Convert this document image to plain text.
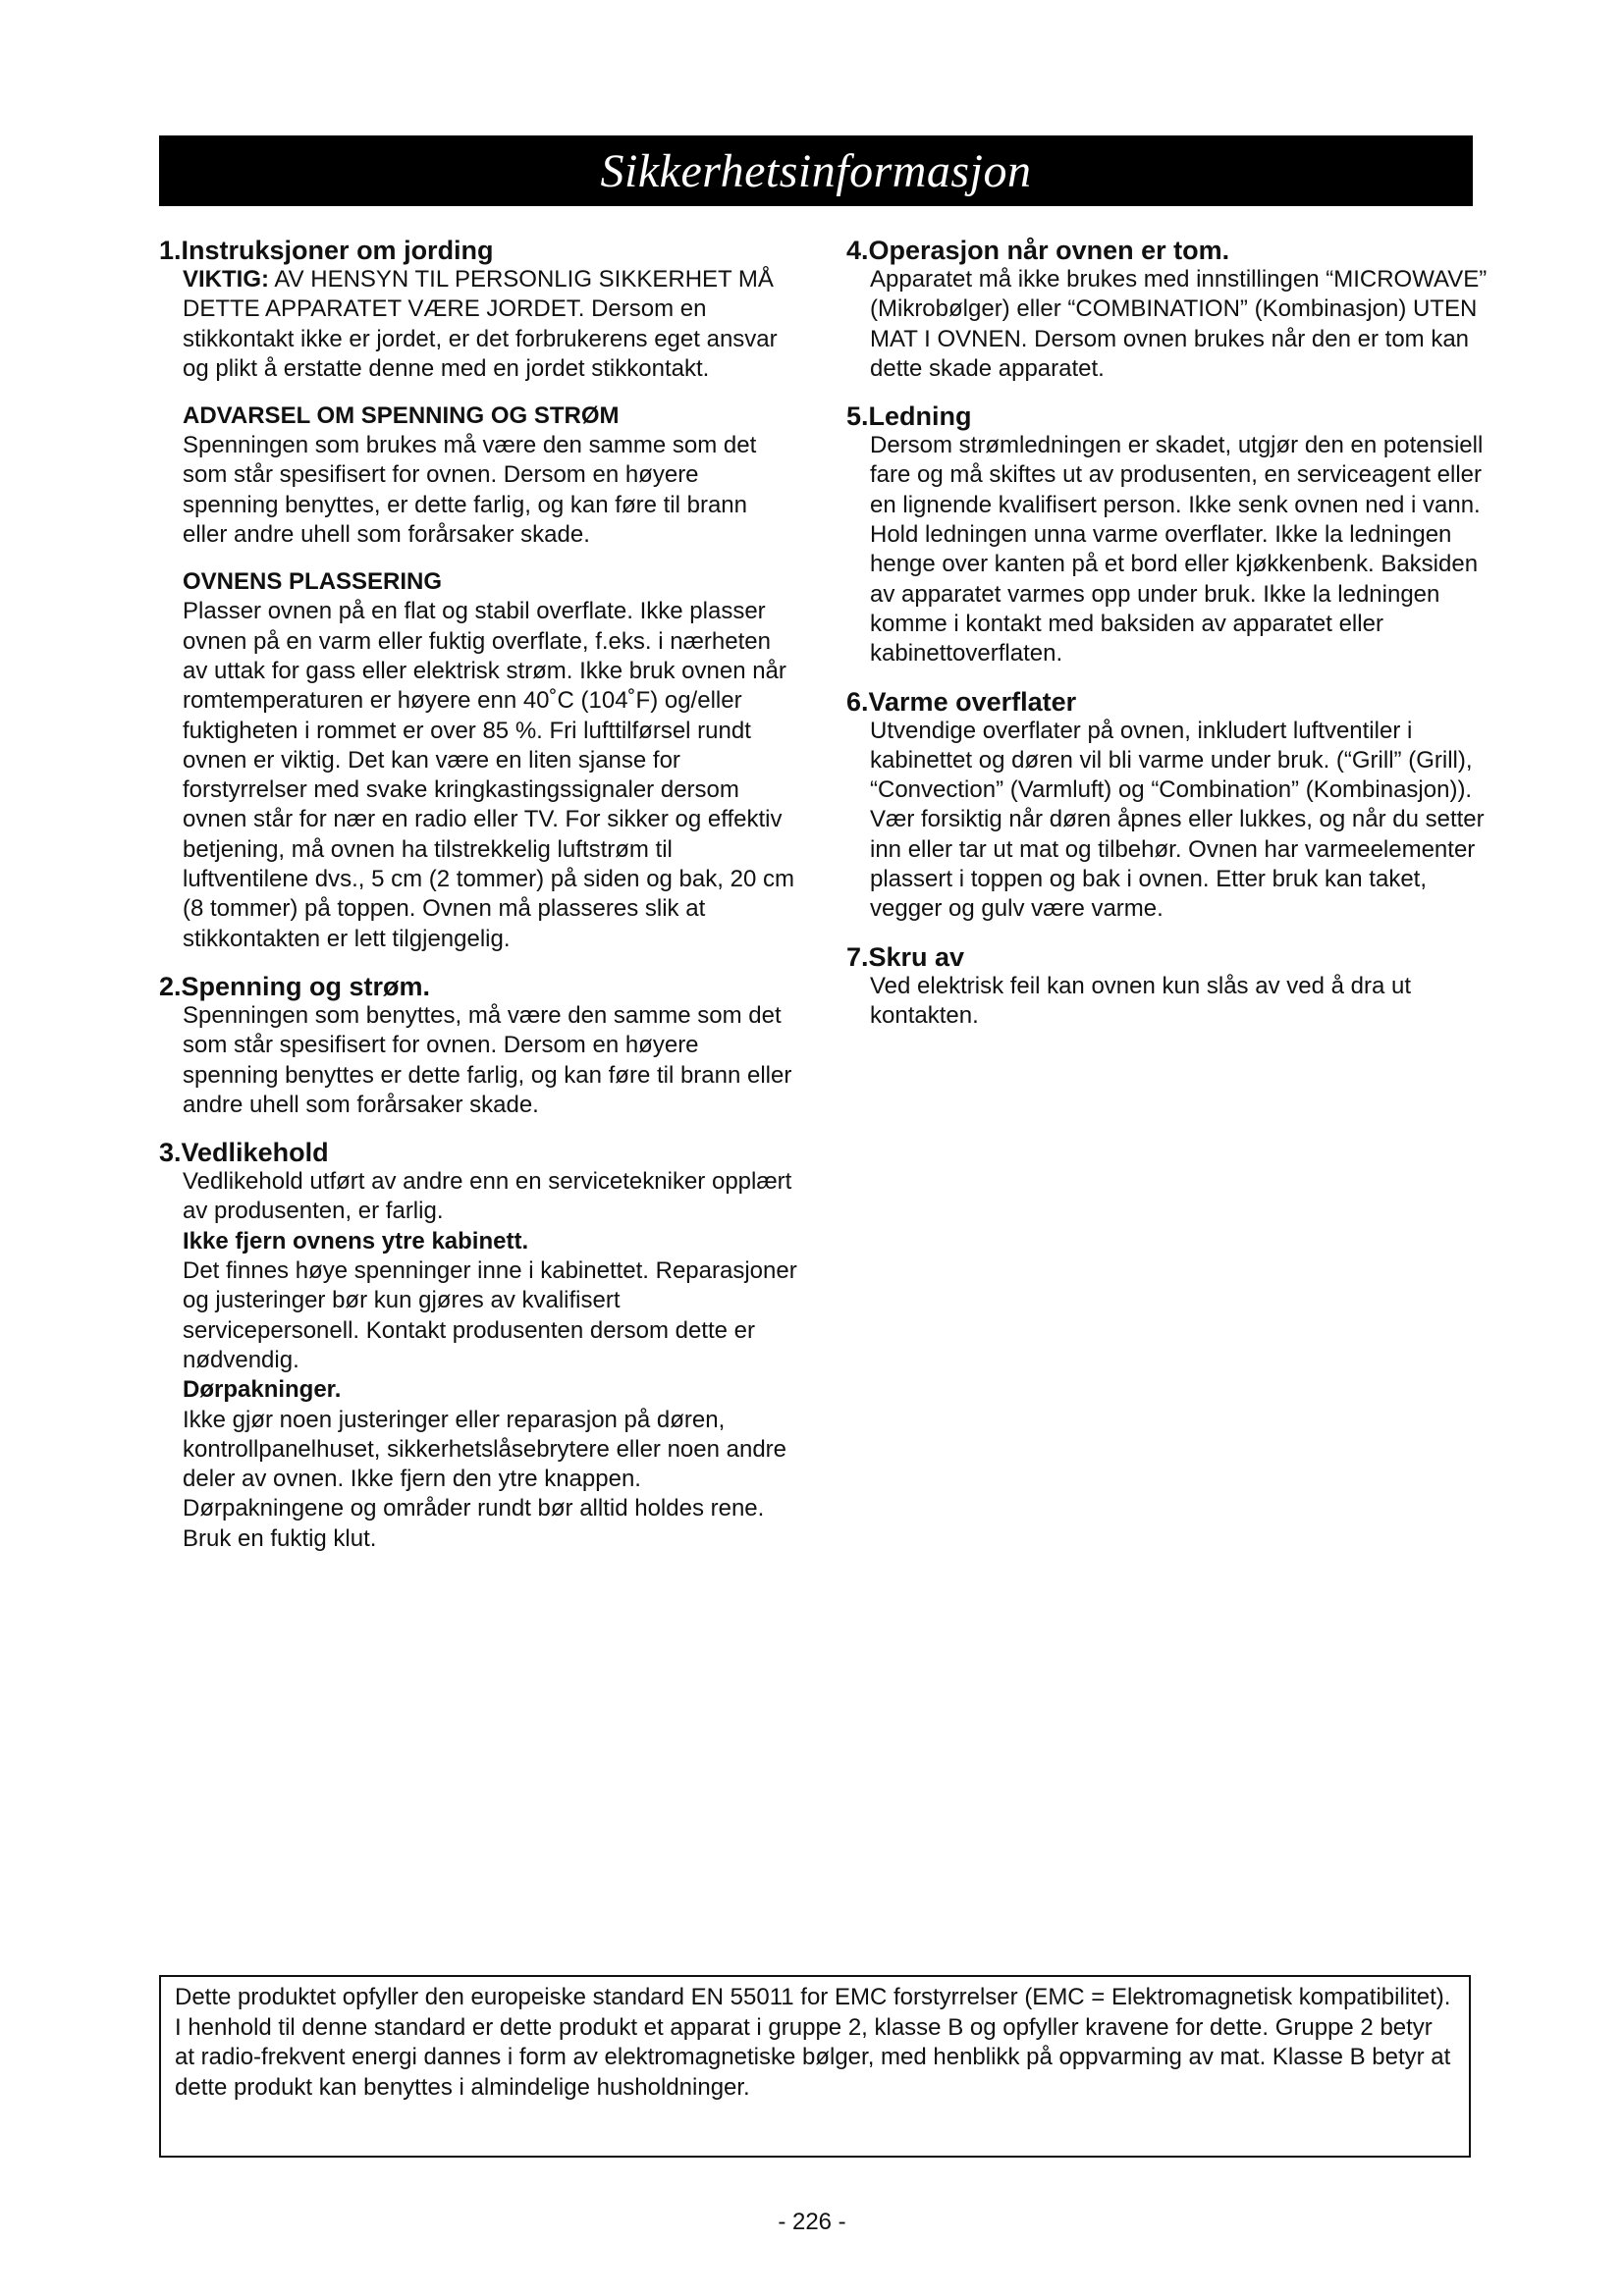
Sikkerhetsinformasjon
1.Instruksjoner om jording

VIKTIG: AV HENSYN TIL PERSONLIG SIKKERHET MÅ DETTE APPARATET VÆRE JORDET. Dersom en stikkontakt ikke er jordet, er det forbrukerens eget ansvar og plikt å erstatte denne med en jordet stikkontakt.

ADVARSEL OM SPENNING OG STRØM

Spenningen som brukes må være den samme som det som står spesifisert for ovnen. Dersom en høyere spenning benyttes, er dette farlig, og kan føre til brann eller andre uhell som forårsaker skade.

OVNENS PLASSERING

Plasser ovnen på en flat og stabil overflate. Ikke plasser ovnen på en varm eller fuktig overflate, f.eks. i nærheten av uttak for gass eller elektrisk strøm. Ikke bruk ovnen når romtemperaturen er høyere enn 40˚C (104˚F) og/eller fuktigheten i rommet er over 85 %. Fri lufttilførsel rundt ovnen er viktig. Det kan være en liten sjanse for forstyrrelser med svake kringkastingssignaler dersom ovnen står for nær en radio eller TV. For sikker og effektiv betjening, må ovnen ha tilstrekkelig luftstrøm til luftventilene dvs., 5 cm (2 tommer) på siden og bak, 20 cm (8 tommer) på toppen. Ovnen må plasseres slik at stikkontakten er lett tilgjengelig.

2.Spenning og strøm.

Spenningen som benyttes, må være den samme som det som står spesifisert for ovnen. Dersom en høyere spenning benyttes er dette farlig, og kan føre til brann eller andre uhell som forårsaker skade.

3.Vedlikehold

Vedlikehold utført av andre enn en servicetekniker opplært av produsenten, er farlig.

Ikke fjern ovnens ytre kabinett.

Det finnes høye spenninger inne i kabinettet. Reparasjoner og justeringer bør kun gjøres av kvalifisert servicepersonell. Kontakt produsenten dersom dette er nødvendig.

Dørpakninger.

Ikke gjør noen justeringer eller reparasjon på døren, kontrollpanelhuset, sikkerhetslåsebrytere eller noen andre deler av ovnen. Ikke fjern den ytre knappen. Dørpakningene og områder rundt bør alltid holdes rene. Bruk en fuktig klut.

4.Operasjon når ovnen er tom.

Apparatet må ikke brukes med innstillingen “MICROWAVE” (Mikrobølger) eller “COMBINATION” (Kombinasjon) UTEN MAT I OVNEN. Dersom ovnen brukes når den er tom kan dette skade apparatet.

5.Ledning

Dersom strømledningen er skadet, utgjør den en potensiell fare og må skiftes ut av produsenten, en serviceagent eller en lignende kvalifisert person. Ikke senk ovnen ned i vann. Hold ledningen unna varme overflater. Ikke la ledningen henge over kanten på et bord eller kjøkkenbenk. Baksiden av apparatet varmes opp under bruk. Ikke la ledningen komme i kontakt med baksiden av apparatet eller kabinettoverflaten.

6.Varme overflater

Utvendige overflater på ovnen, inkludert luftventiler i kabinettet og døren vil bli varme under bruk. (“Grill” (Grill), “Convection” (Varmluft) og “Combination” (Kombinasjon)). Vær forsiktig når døren åpnes eller lukkes, og når du setter inn eller tar ut mat og tilbehør. Ovnen har varmeelementer plassert i toppen og bak i ovnen. Etter bruk kan taket, vegger og gulv være varme.

7.Skru av

Ved elektrisk feil kan ovnen kun slås av ved å dra ut kontakten.

Dette produktet opfyller den europeiske standard EN 55011 for EMC forstyrrelser (EMC = Elektromagnetisk kompatibilitet). I henhold til denne standard er dette produkt et apparat i gruppe 2, klasse B og opfyller kravene for dette. Gruppe 2 betyr at radio-frekvent energi dannes i form av elektromagnetiske bølger, med henblikk på oppvarming av mat. Klasse B betyr at dette produkt kan benyttes i almindelige husholdninger.

- 226 -
